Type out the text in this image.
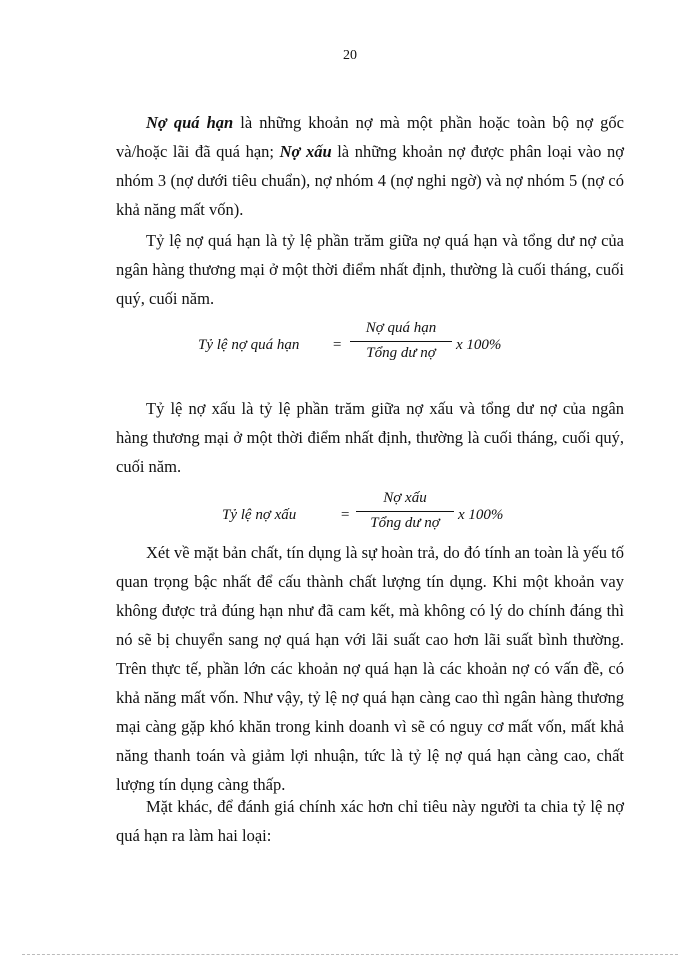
20

Nợ quá hạn là những khoản nợ mà một phần hoặc toàn bộ nợ gốc và/hoặc lãi đã quá hạn; Nợ xấu là những khoản nợ được phân loại vào nợ nhóm 3 (nợ dưới tiêu chuẩn), nợ nhóm 4 (nợ nghi ngờ) và nợ nhóm 5 (nợ có khả năng mất vốn).

Tỷ lệ nợ quá hạn là tỷ lệ phần trăm giữa nợ quá hạn và tổng dư nợ của ngân hàng thương mại ở một thời điểm nhất định, thường là cuối tháng, cuối quý, cuối năm.

Tỷ lệ nợ quá hạn =
Nợ quá hạn
Tổng dư nợ	x 100%

Tỷ lệ nợ xấu là tỷ lệ phần trăm giữa nợ xấu và tổng dư nợ của ngân hàng thương mại ở một thời điểm nhất định, thường là cuối tháng, cuối quý, cuối năm.

Tỷ lệ nợ xấu	=
Nợ xấu
Tổng dư nợ	x 100%

Xét về mặt bản chất, tín dụng là sự hoàn trả, do đó tính an toàn là yếu tố quan trọng bậc nhất để cấu thành chất lượng tín dụng. Khi một khoản vay không được trả đúng hạn như đã cam kết, mà không có lý do chính đáng thì nó sẽ bị chuyển sang nợ quá hạn với lãi suất cao hơn lãi suất bình thường. Trên thực tế, phần lớn các khoản nợ quá hạn là các khoản nợ có vấn đề, có khả năng mất vốn. Như vậy, tỷ lệ nợ quá hạn càng cao thì ngân hàng thương mại càng gặp khó khăn trong kinh doanh vì sẽ có nguy cơ mất vốn, mất khả năng thanh toán và giảm lợi nhuận, tức là tỷ lệ nợ quá hạn càng cao, chất lượng tín dụng càng thấp.

Mặt khác, để đánh giá chính xác hơn chỉ tiêu này người ta chia tỷ lệ nợ quá hạn ra làm hai loại:
